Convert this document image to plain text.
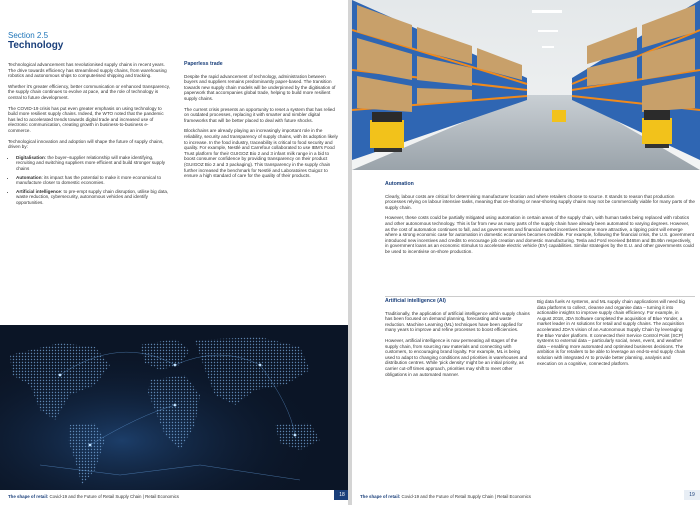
Section 2.5
Technology

Technological advancement has revolutionised supply chains in recent years. The drive towards efficiency has streamlined supply chains, from warehousing robotics and autonomous ships to computerised shipping and tracking.

Whether it's greater efficiency, better communication or enhanced transparency, the supply chain continues to evolve at pace, and the role of technology is central to future development.

The COVID-19 crisis has put even greater emphasis on using technology to build more resilient supply chains. Indeed, the WTO noted that the pandemic has led to accelerated trends towards digital trade and increased use of electronic communication, creating growth in business-to-business e-commerce.

Technological innovation and adoption will shape the future of supply chains, driven by:

• Digitalisation: the buyer–supplier relationship will make identifying, recruiting and switching suppliers more efficient and build stronger supply chains
• Automation: its impact has the potential to make it more economical to manufacture closer to domestic economies.
• Artificial intelligence: to pre-empt supply chain disruption, utilise big data, waste reduction, cybersecurity, autonomous vehicles and identify opportunities.
Paperless trade

Despite the rapid advancement of technology, administration between buyers and suppliers remains predominantly paper-based. The transition towards new supply chain models will be underpinned by the digitisation of paperwork that accompanies global trade, helping to build more resilient supply chains.

The current crisis presents an opportunity to reset a system that has relied on outdated processes, replacing it with smarter and nimbler digital frameworks that will be better placed to deal with future shocks.

Blockchains are already playing an increasingly important role in the reliability, security and transparency of supply chains, with its adoption likely to increase. In the food industry, traceability is critical to food security and quality. For example, Nestlé and Carrefour collaborated to use IBM's Food Trust platform for their GUIGOZ Bio 2 and 3 infant milk range in a bid to boost consumer confidence by providing transparency on their product (GUIGOZ Bio 2 and 3 packaging). This transparency in the supply chain further increased the benchmark for Nestlé and Laboratoires Guigoz to ensure a high standard of care for the quality of their products.

The shape of retail: Covid-19 and the Future of Retail Supply Chain | Retail Economics	18
Automation

Clearly, labour costs are critical for determining manufacturer location and where retailers choose to source. It stands to reason that production processes relying on labour intensive tasks, meaning that on-shoring or near-shoring supply chains may not be commercially viable for many parts of the supply chain.

However, these costs could be partially mitigated using automation in certain areas of the supply chain, with human tasks being replaced with robotics and other autonomous technology. This is far from new as many parts of the supply chain have already been automated to varying degrees. However, as the cost of automation continues to fall, and as governments and financial market incentives become more attractive, a tipping point will emerge where a strong economic case for automation in domestic economies becomes credible. For example, following the financial crisis, the U.S. government introduced new incentives and credits to encourage job creation and domestic manufacturing. Tesla and Ford received $465m and $5.9bn respectively, in government loans as an economic stimulus to accelerate electric vehicle (EV) capabilities. Similar strategies by the E.U. and other governments could be used to incentivise on-shore production.

Artificial intelligence (AI)

Traditionally, the application of artificial intelligence within supply chains has been focused on demand planning, forecasting and waste reduction. Machine Learning (ML) techniques have been applied for many years to improve and refine processes to boost efficiencies.

However, artificial intelligence is now permeating all stages of the supply chain, from sourcing raw materials and connecting with customers, to encouraging brand loyalty. For example, ML is being used to adapt to changing conditions and priorities in warehouses and distribution centres. While 'pick density' might be an initial priority, as carrier cut-off times approach, priorities may shift to meet other obligations in an automated manner.

Big data fuels AI systems, and ML supply chain applications will need big data platforms to collect, cleanse and organise data – turning it into actionable insights to improve supply chain efficiency. For example, in August 2018, JDA Software completed the acquisition of Blue Yonder, a market leader in AI solutions for retail and supply chains. The acquisition accelerated JDA's vision of an Autonomous Supply Chain by leveraging the Blue Yonder platform. It connected their Service Control Point (SCP) systems to external data – particularly social, news, event, and weather data – enabling more automated and optimised business decisions. The ambition is for retailers to be able to leverage an end-to-end supply chain solution with integrated AI to provide better planning, analysis and execution on a cognitive, connected platform.

The shape of retail: Covid-19 and the Future of Retail Supply Chain | Retail Economics	19
